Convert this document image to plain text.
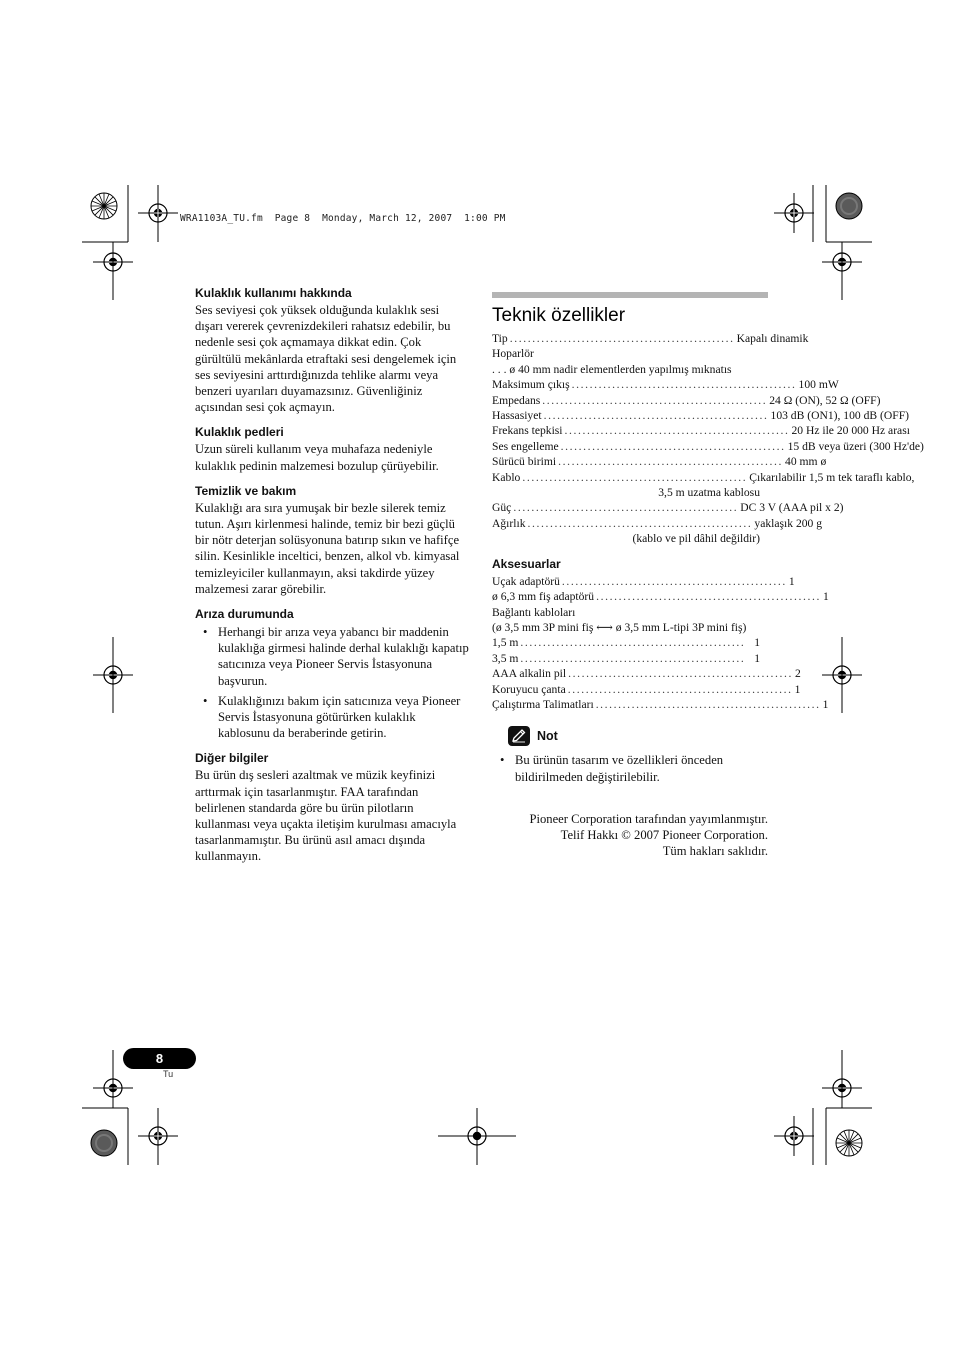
WRA1103A_TU.fm  Page 8  Monday, March 12, 2007  1:00 PM
Kulaklık kullanımı hakkında

Ses seviyesi çok yüksek olduğunda kulaklık sesi dışarı vererek çevrenizdekileri rahatsız edebilir, bu nedenle sesi çok açmamaya dikkat edin. Çok gürültülü mekânlarda etraftaki sesi dengelemek için ses seviyesini arttırdığınızda tehlike alarmı veya benzeri uyarıları duyamazsınız. Güvenliğiniz açısından sesi çok açmayın.

Kulaklık pedleri

Uzun süreli kullanım veya muhafaza nedeniyle kulaklık pedinin malzemesi bozulup çürüyebilir.

Temizlik ve bakım

Kulaklığı ara sıra yumuşak bir bezle silerek temiz tutun. Aşırı kirlenmesi halinde, temiz bir bezi güçlü bir nötr deterjan solüsyonuna batırıp sıkın ve hafifçe silin. Kesinlikle inceltici, benzen, alkol vb. kimyasal temizleyiciler kullanmayın, aksi takdirde yüzey malzemesi zarar görebilir.

Arıza durumunda
• Herhangi bir arıza veya yabancı bir maddenin kulaklığa girmesi halinde derhal kulaklığı kapatıp satıcınıza veya Pioneer Servis İstasyonuna başvurun.
• Kulaklığınızı bakım için satıcınıza veya Pioneer Servis İstasyonuna götürürken kulaklık kablosunu da beraberinde getirin.
Diğer bilgiler

Bu ürün dış sesleri azaltmak ve müzik keyfinizi arttırmak için tasarlanmıştır. FAA tarafından belirlenen standarda göre bu ürün pilotların kullanması veya uçakta iletişim kurulması amacıyla tasarlanmamıştır. Bu ürünü asıl amacı dışında kullanmayın.

Teknik özellikler
Tip .................................................. Kapalı dinamik
Hoparlör
. . . ø 40 mm nadir elementlerden yapılmış mıknatıs
Maksimum çıkış .................................................. 100 mW
Empedans .................................................. 24 Ω (ON), 52 Ω (OFF)
Hassasiyet .................................................. 103 dB (ON1), 100 dB (OFF)
Frekans tepkisi .................................................. 20 Hz ile 20 000 Hz arası
Ses engelleme .................................................. 15 dB veya üzeri (300 Hz'de)
Sürücü birimi .................................................. 40 mm ø
Kablo .................................................. Çıkarılabilir 1,5 m tek taraflı kablo,
3,5 m uzatma kablosu
Güç .................................................. DC 3 V (AAA pil x 2)
Ağırlık .................................................. yaklaşık 200 g
(kablo ve pil dâhil değildir)
Aksesuarlar
Uçak adaptörü .................................................. 1
ø 6,3 mm fiş adaptörü .................................................. 1
Bağlantı kabloları
(ø 3,5 mm 3P mini fiş ⟷ ø 3,5 mm L-tipi 3P mini fiş)
1,5 m .................................................. 1
3,5 m .................................................. 1
AAA alkalin pil .................................................. 2
Koruyucu çanta .................................................. 1
Çalıştırma Talimatları .................................................. 1
Not
• Bu ürünün tasarım ve özellikleri önceden bildirilmeden değiştirilebilir.
Pioneer Corporation tarafından yayımlanmıştır.
Telif Hakkı © 2007 Pioneer Corporation.
Tüm hakları saklıdır.
8
Tu
